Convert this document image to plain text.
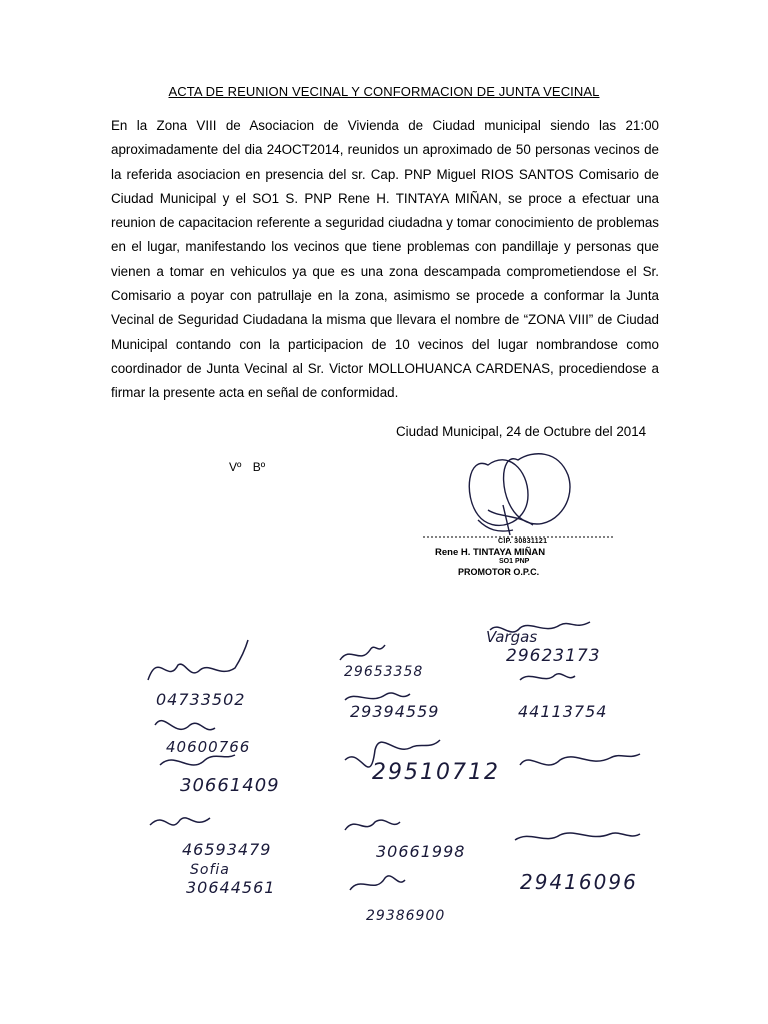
ACTA DE REUNION VECINAL Y CONFORMACION DE JUNTA VECINAL
En la Zona VIII de Asociacion de Vivienda de Ciudad municipal siendo las 21:00 aproximadamente del dia 24OCT2014, reunidos un aproximado de 50 personas vecinos de la referida asociacion en presencia del sr. Cap. PNP Miguel RIOS SANTOS Comisario de Ciudad Municipal y el SO1 S. PNP Rene H. TINTAYA MIÑAN, se proce a efectuar una reunion de capacitacion referente a seguridad ciudadna y tomar conocimiento de problemas en el lugar, manifestando los vecinos que tiene problemas con pandillaje y personas que vienen a tomar en vehiculos ya que es una zona descampada comprometiendose el Sr. Comisario a poyar con patrullaje en la zona, asimismo se procede a conformar la Junta Vecinal de Seguridad Ciudadana la misma que llevara el nombre de “ZONA VIII” de Ciudad Municipal contando con la participacion de 10 vecinos del lugar nombrandose como coordinador de Junta Vecinal al Sr. Victor MOLLOHUANCA CARDENAS, procediendose a firmar la presente acta en señal de conformidad.
Ciudad Municipal, 24 de Octubre del 2014
Vº Bº
CIP. 30831121
Rene H. TINTAYA MIÑAN
SO1 PNP
PROMOTOR O.P.C.
Vargas
29623173
04733502
29653358
29394559	44113754
40600766
30661409
29510712
46593479
Sofia
30644561
30661998
29416096
29386900
